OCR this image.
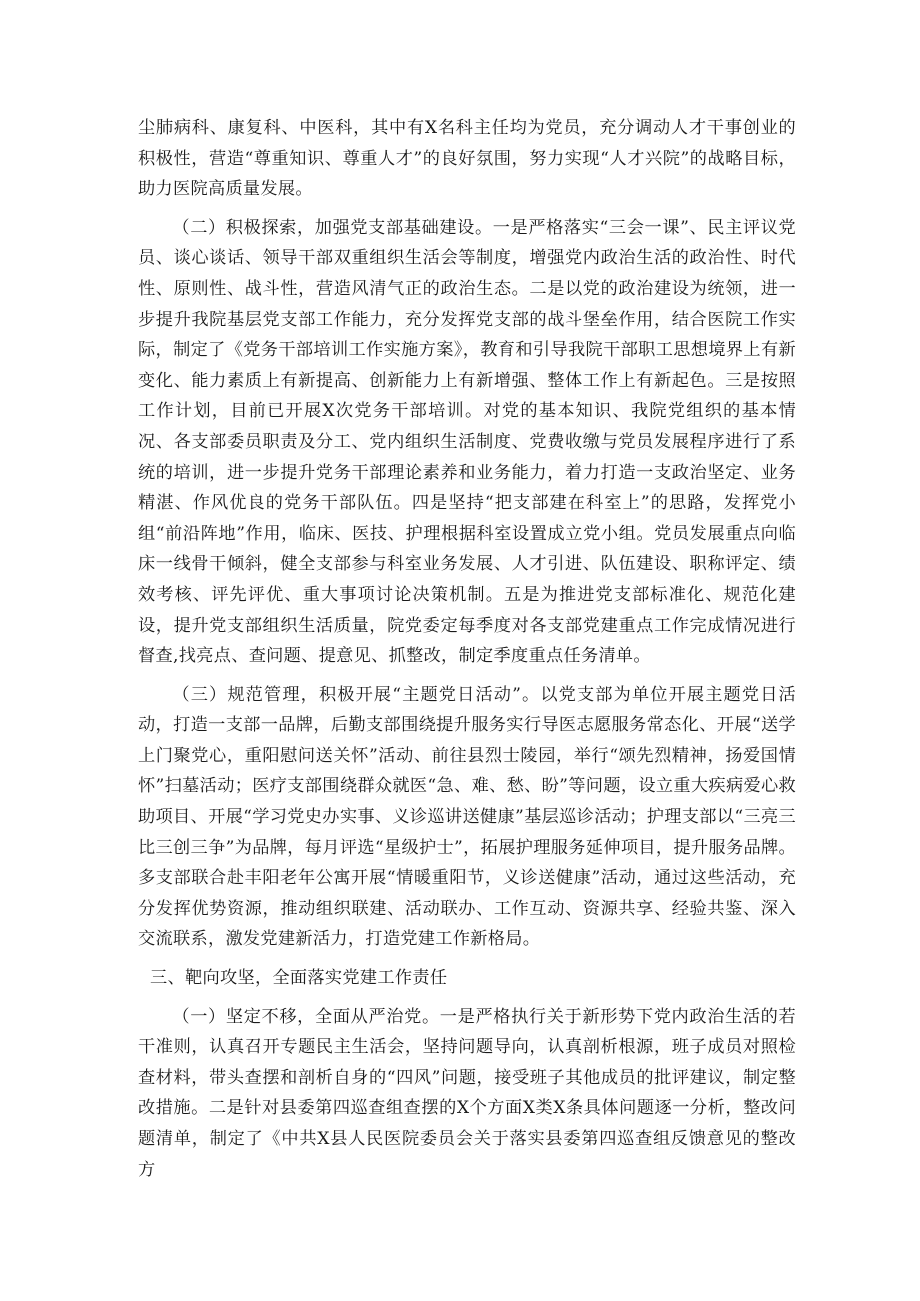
尘肺病科、康复科、中医科，其中有X名科主任均为党员，充分调动人才干事创业的积极性，营造“尊重知识、尊重人才”的良好氛围，努力实现“人才兴院”的战略目标，助力医院高质量发展。

（二）积极探索，加强党支部基础建设。一是严格落实“三会一课”、民主评议党员、谈心谈话、领导干部双重组织生活会等制度，增强党内政治生活的政治性、时代性、原则性、战斗性，营造风清气正的政治生态。二是以党的政治建设为统领，进一步提升我院基层党支部工作能力，充分发挥党支部的战斗堡垒作用，结合医院工作实际，制定了《党务干部培训工作实施方案》，教育和引导我院干部职工思想境界上有新变化、能力素质上有新提高、创新能力上有新增强、整体工作上有新起色。三是按照工作计划，目前已开展X次党务干部培训。对党的基本知识、我院党组织的基本情况、各支部委员职责及分工、党内组织生活制度、党费收缴与党员发展程序进行了系统的培训，进一步提升党务干部理论素养和业务能力，着力打造一支政治坚定、业务精湛、作风优良的党务干部队伍。四是坚持“把支部建在科室上”的思路，发挥党小组“前沿阵地”作用，临床、医技、护理根据科室设置成立党小组。党员发展重点向临床一线骨干倾斜，健全支部参与科室业务发展、人才引进、队伍建设、职称评定、绩效考核、评先评优、重大事项讨论决策机制。五是为推进党支部标准化、规范化建设，提升党支部组织生活质量，院党委定每季度对各支部党建重点工作完成情况进行督查,找亮点、查问题、提意见、抓整改，制定季度重点任务清单。

（三）规范管理，积极开展“主题党日活动”。以党支部为单位开展主题党日活动，打造一支部一品牌，后勤支部围绕提升服务实行导医志愿服务常态化、开展“送学上门聚党心，重阳慰问送关怀”活动、前往县烈士陵园，举行“颂先烈精神，扬爱国情怀”扫墓活动；医疗支部围绕群众就医“急、难、愁、盼”等问题，设立重大疾病爱心救助项目、开展“学习党史办实事、义诊巡讲送健康”基层巡诊活动；护理支部以“三亮三比三创三争”为品牌，每月评选“星级护士”，拓展护理服务延伸项目，提升服务品牌。多支部联合赴丰阳老年公寓开展“情暖重阳节，义诊送健康”活动，通过这些活动，充分发挥优势资源，推动组织联建、活动联办、工作互动、资源共享、经验共鉴、深入交流联系，激发党建新活力，打造党建工作新格局。

三、靶向攻坚，全面落实党建工作责任

（一）坚定不移，全面从严治党。一是严格执行关于新形势下党内政治生活的若干准则，认真召开专题民主生活会，坚持问题导向，认真剖析根源，班子成员对照检查材料，带头查摆和剖析自身的“四风”问题，接受班子其他成员的批评建议，制定整改措施。二是针对县委第四巡查组查摆的X个方面X类X条具体问题逐一分析，整改问题清单，制定了《中共X县人民医院委员会关于落实县委第四巡查组反馈意见的整改方
